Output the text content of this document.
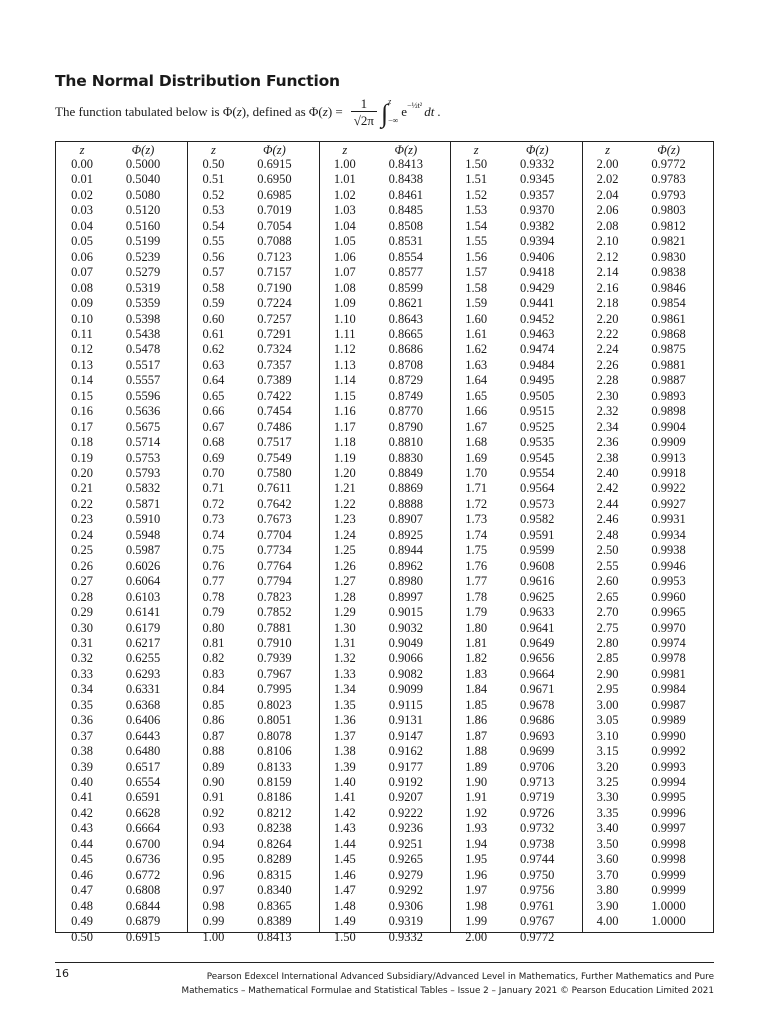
The Normal Distribution Function
The function tabulated below is Φ( z ), defined as Φ( z ) = $\frac{1}{√2\pi}$ ∫ z
−∞
e −½t² dt .
z	Φ(z)
0.00	0.5000
0.01	0.5040
0.02	0.5080
0.03	0.5120
0.04	0.5160
0.05	0.5199
0.06	0.5239
0.07	0.5279
0.08	0.5319
0.09	0.5359
0.10	0.5398
0.11	0.5438
0.12	0.5478
0.13	0.5517
0.14	0.5557
0.15	0.5596
0.16	0.5636
0.17	0.5675
0.18	0.5714
0.19	0.5753
0.20	0.5793
0.21	0.5832
0.22	0.5871
0.23	0.5910
0.24	0.5948
0.25	0.5987
0.26	0.6026
0.27	0.6064
0.28	0.6103
0.29	0.6141
0.30	0.6179
0.31	0.6217
0.32	0.6255
0.33	0.6293
0.34	0.6331
0.35	0.6368
0.36	0.6406
0.37	0.6443
0.38	0.6480
0.39	0.6517
0.40	0.6554
0.41	0.6591
0.42	0.6628
0.43	0.6664
0.44	0.6700
0.45	0.6736
0.46	0.6772
0.47	0.6808
0.48	0.6844
0.49	0.6879
0.50	0.6915
z	Φ(z)
0.50	0.6915
0.51	0.6950
0.52	0.6985
0.53	0.7019
0.54	0.7054
0.55	0.7088
0.56	0.7123
0.57	0.7157
0.58	0.7190
0.59	0.7224
0.60	0.7257
0.61	0.7291
0.62	0.7324
0.63	0.7357
0.64	0.7389
0.65	0.7422
0.66	0.7454
0.67	0.7486
0.68	0.7517
0.69	0.7549
0.70	0.7580
0.71	0.7611
0.72	0.7642
0.73	0.7673
0.74	0.7704
0.75	0.7734
0.76	0.7764
0.77	0.7794
0.78	0.7823
0.79	0.7852
0.80	0.7881
0.81	0.7910
0.82	0.7939
0.83	0.7967
0.84	0.7995
0.85	0.8023
0.86	0.8051
0.87	0.8078
0.88	0.8106
0.89	0.8133
0.90	0.8159
0.91	0.8186
0.92	0.8212
0.93	0.8238
0.94	0.8264
0.95	0.8289
0.96	0.8315
0.97	0.8340
0.98	0.8365
0.99	0.8389
1.00	0.8413
z	Φ(z)
1.00	0.8413
1.01	0.8438
1.02	0.8461
1.03	0.8485
1.04	0.8508
1.05	0.8531
1.06	0.8554
1.07	0.8577
1.08	0.8599
1.09	0.8621
1.10	0.8643
1.11	0.8665
1.12	0.8686
1.13	0.8708
1.14	0.8729
1.15	0.8749
1.16	0.8770
1.17	0.8790
1.18	0.8810
1.19	0.8830
1.20	0.8849
1.21	0.8869
1.22	0.8888
1.23	0.8907
1.24	0.8925
1.25	0.8944
1.26	0.8962
1.27	0.8980
1.28	0.8997
1.29	0.9015
1.30	0.9032
1.31	0.9049
1.32	0.9066
1.33	0.9082
1.34	0.9099
1.35	0.9115
1.36	0.9131
1.37	0.9147
1.38	0.9162
1.39	0.9177
1.40	0.9192
1.41	0.9207
1.42	0.9222
1.43	0.9236
1.44	0.9251
1.45	0.9265
1.46	0.9279
1.47	0.9292
1.48	0.9306
1.49	0.9319
1.50	0.9332
z	Φ(z)
1.50	0.9332
1.51	0.9345
1.52	0.9357
1.53	0.9370
1.54	0.9382
1.55	0.9394
1.56	0.9406
1.57	0.9418
1.58	0.9429
1.59	0.9441
1.60	0.9452
1.61	0.9463
1.62	0.9474
1.63	0.9484
1.64	0.9495
1.65	0.9505
1.66	0.9515
1.67	0.9525
1.68	0.9535
1.69	0.9545
1.70	0.9554
1.71	0.9564
1.72	0.9573
1.73	0.9582
1.74	0.9591
1.75	0.9599
1.76	0.9608
1.77	0.9616
1.78	0.9625
1.79	0.9633
1.80	0.9641
1.81	0.9649
1.82	0.9656
1.83	0.9664
1.84	0.9671
1.85	0.9678
1.86	0.9686
1.87	0.9693
1.88	0.9699
1.89	0.9706
1.90	0.9713
1.91	0.9719
1.92	0.9726
1.93	0.9732
1.94	0.9738
1.95	0.9744
1.96	0.9750
1.97	0.9756
1.98	0.9761
1.99	0.9767
2.00	0.9772
z	Φ(z)
2.00	0.9772
2.02	0.9783
2.04	0.9793
2.06	0.9803
2.08	0.9812
2.10	0.9821
2.12	0.9830
2.14	0.9838
2.16	0.9846
2.18	0.9854
2.20	0.9861
2.22	0.9868
2.24	0.9875
2.26	0.9881
2.28	0.9887
2.30	0.9893
2.32	0.9898
2.34	0.9904
2.36	0.9909
2.38	0.9913
2.40	0.9918
2.42	0.9922
2.44	0.9927
2.46	0.9931
2.48	0.9934
2.50	0.9938
2.55	0.9946
2.60	0.9953
2.65	0.9960
2.70	0.9965
2.75	0.9970
2.80	0.9974
2.85	0.9978
2.90	0.9981
2.95	0.9984
3.00	0.9987
3.05	0.9989
3.10	0.9990
3.15	0.9992
3.20	0.9993
3.25	0.9994
3.30	0.9995
3.35	0.9996
3.40	0.9997
3.50	0.9998
3.60	0.9998
3.70	0.9999
3.80	0.9999
3.90	1.0000
4.00	1.0000
16	Pearson Edexcel International Advanced Subsidiary/Advanced Level in Mathematics, Further Mathematics and Pure
Mathematics – Mathematical Formulae and Statistical Tables – Issue 2 – January 2021 © Pearson Education Limited 2021
